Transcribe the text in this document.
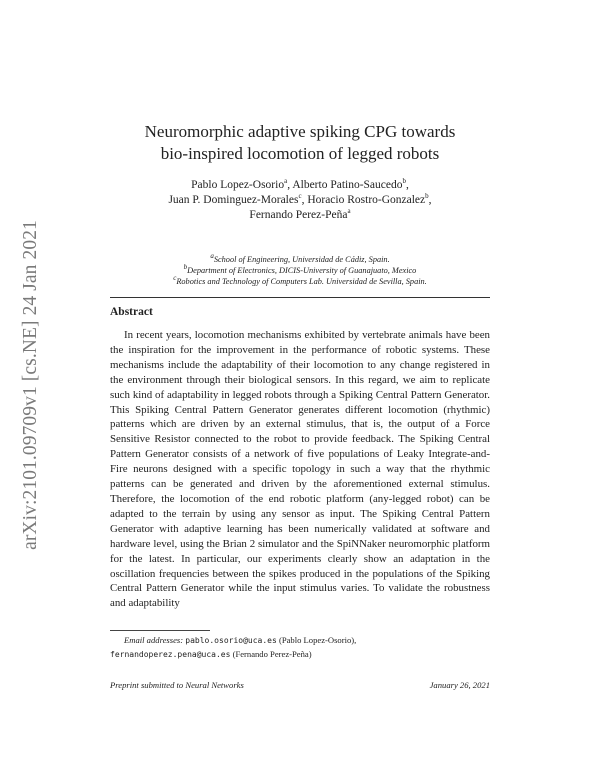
arXiv:2101.09709v1 [cs.NE] 24 Jan 2021
Neuromorphic adaptive spiking CPG towards
bio-inspired locomotion of legged robots
Pablo Lopez-Osorio$^a$, Alberto Patino-Saucedo$^b$,
Juan P. Dominguez-Morales$^c$, Horacio Rostro-Gonzalez$^b$,
Fernando Perez-Peña$^a$
$^a$School of Engineering, Universidad de Cádiz, Spain.
$^b$Department of Electronics, DICIS-University of Guanajuato, Mexico
$^c$Robotics and Technology of Computers Lab. Universidad de Sevilla, Spain.
Abstract

In recent years, locomotion mechanisms exhibited by vertebrate animals have been the inspiration for the improvement in the performance of robotic systems. These mechanisms include the adaptability of their locomotion to any change registered in the environment through their biological sensors. In this regard, we aim to replicate such kind of adaptability in legged robots through a Spiking Central Pattern Generator. This Spiking Central Pattern Generator generates different locomotion (rhythmic) patterns which are driven by an external stimulus, that is, the output of a Force Sensitive Resistor connected to the robot to provide feedback. The Spiking Central Pattern Generator consists of a network of five populations of Leaky Integrate-and-Fire neurons designed with a specific topology in such a way that the rhythmic patterns can be generated and driven by the aforementioned external stimulus. Therefore, the locomotion of the end robotic platform (any-legged robot) can be adapted to the terrain by using any sensor as input. The Spiking Central Pattern Generator with adaptive learning has been numerically validated at software and hardware level, using the Brian 2 simulator and the SpiNNaker neuromorphic platform for the latest. In particular, our experiments clearly show an adaptation in the oscillation frequencies between the spikes produced in the populations of the Spiking Central Pattern Generator while the input stimulus varies. To validate the robustness and adaptability

Email addresses: pablo.osorio@uca.es (Pablo Lopez-Osorio),
fernandoperez.pena@uca.es (Fernando Perez-Peña)
Preprint submitted to Neural Networks	January 26, 2021
